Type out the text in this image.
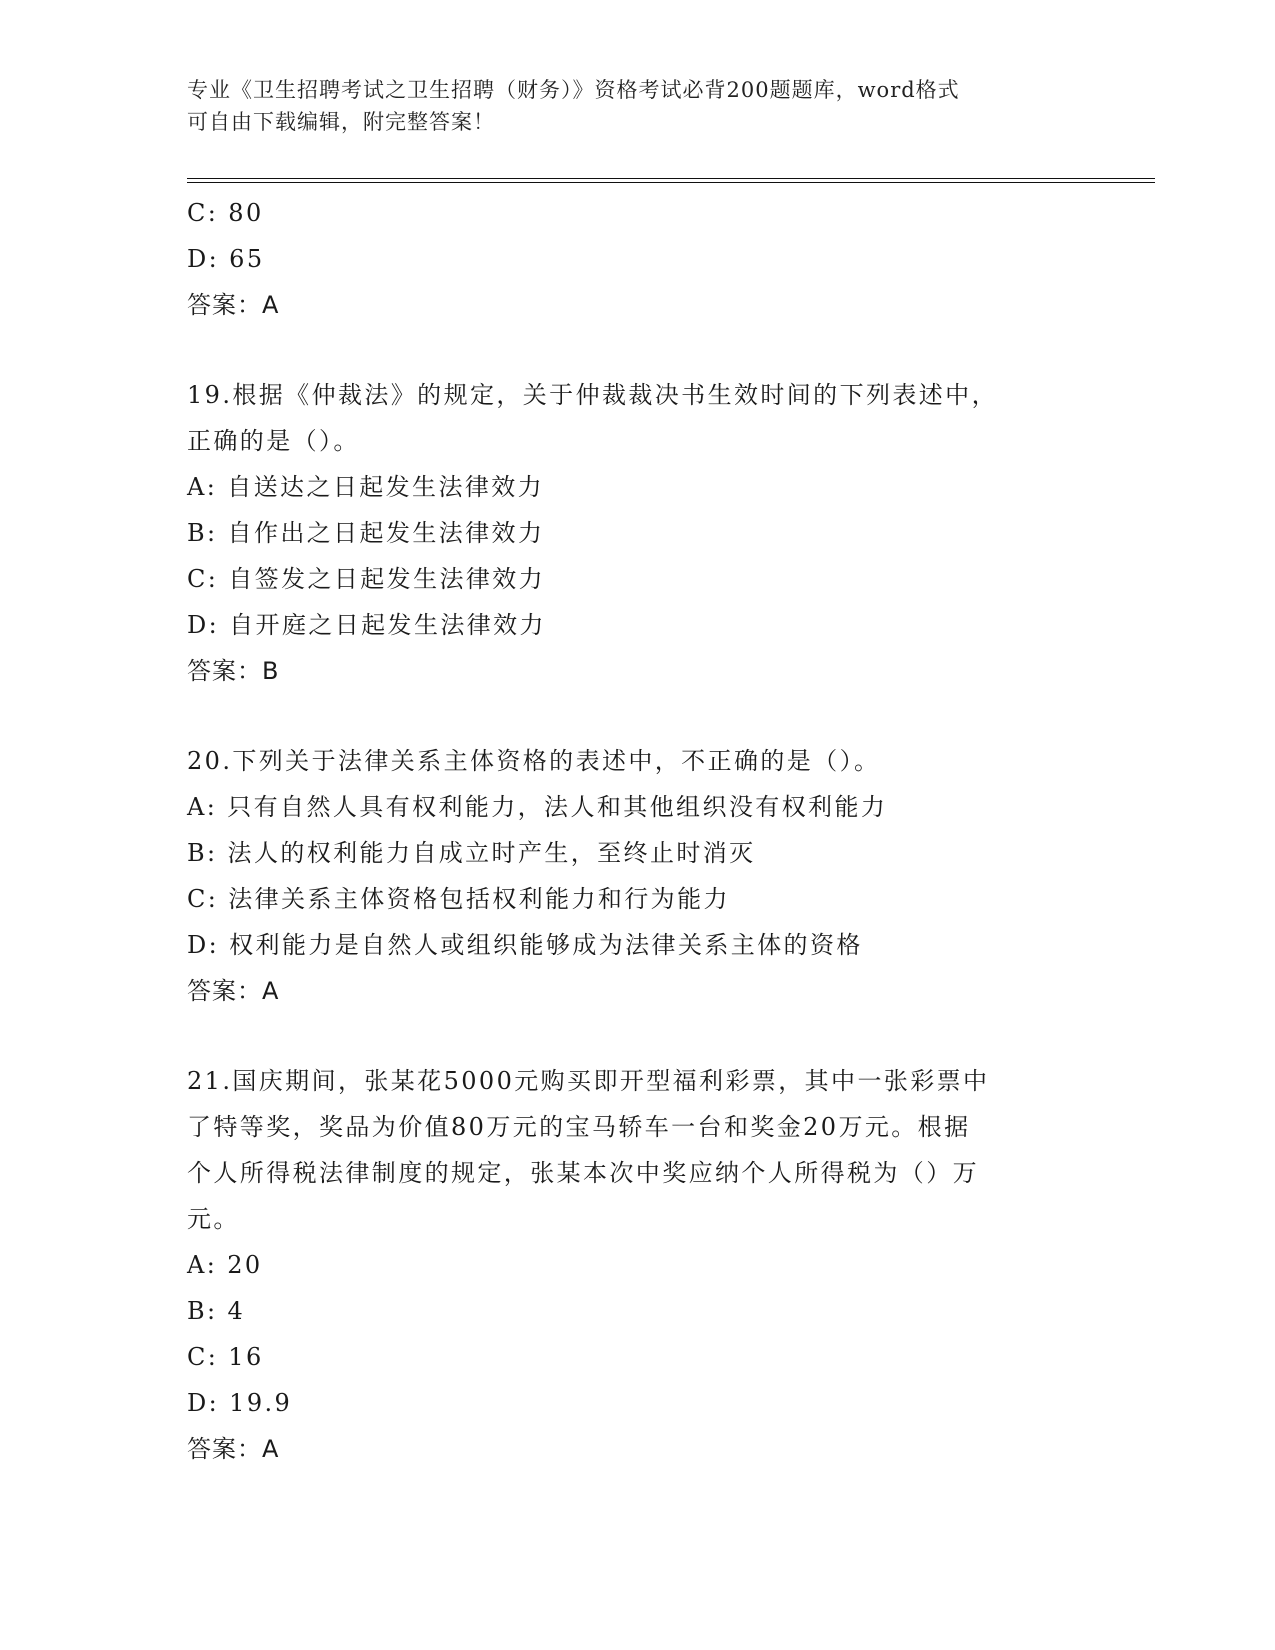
专业《卫生招聘考试之卫生招聘（财务）》资格考试必背200题题库，word格式
可自由下载编辑，附完整答案！
C: 80
D: 65
答案：A
19.根据《仲裁法》的规定，关于仲裁裁决书生效时间的下列表述中，
正确的是（）。
A: 自送达之日起发生法律效力
B: 自作出之日起发生法律效力
C: 自签发之日起发生法律效力
D: 自开庭之日起发生法律效力
答案：B
20.下列关于法律关系主体资格的表述中，不正确的是（）。
A: 只有自然人具有权利能力，法人和其他组织没有权利能力
B: 法人的权利能力自成立时产生，至终止时消灭
C: 法律关系主体资格包括权利能力和行为能力
D: 权利能力是自然人或组织能够成为法律关系主体的资格
答案：A
21.国庆期间，张某花5000元购买即开型福利彩票，其中一张彩票中
了特等奖，奖品为价值80万元的宝马轿车一台和奖金20万元。根据
个人所得税法律制度的规定，张某本次中奖应纳个人所得税为（）万
元。
A: 20
B: 4
C: 16
D: 19.9
答案：A
